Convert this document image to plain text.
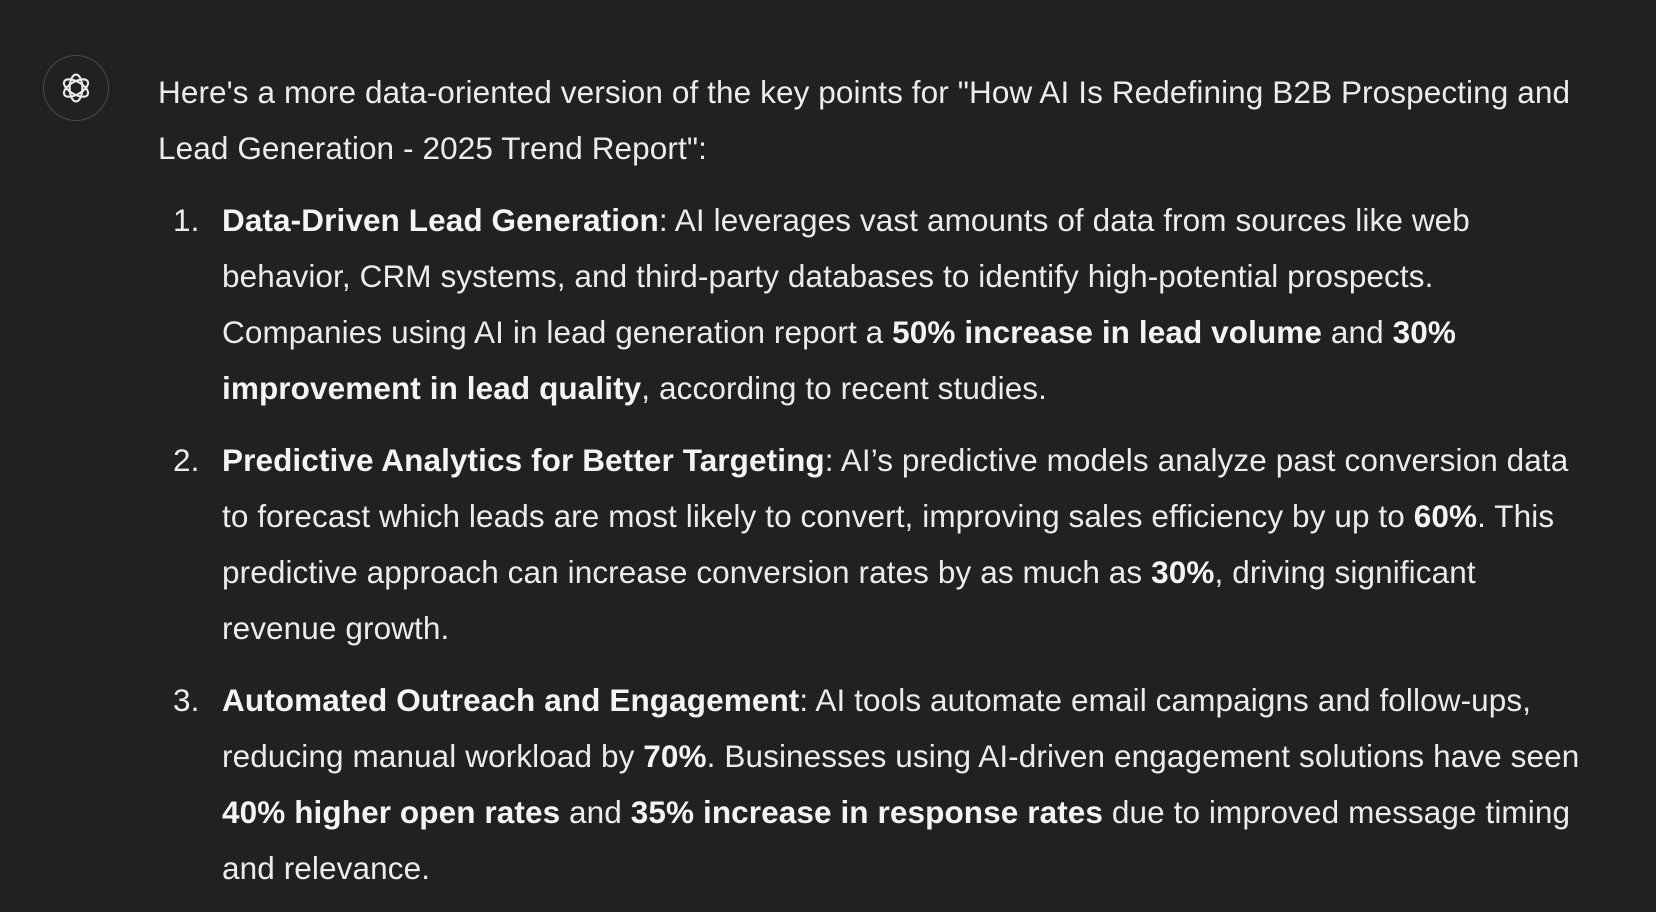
Here's a more data-oriented version of the key points for "How AI Is Redefining B2B Prospecting and Lead Generation - 2025 Trend Report":

1. Data-Driven Lead Generation: AI leverages vast amounts of data from sources like web behavior, CRM systems, and third-party databases to identify high-potential prospects. Companies using AI in lead generation report a 50% increase in lead volume and 30% improvement in lead quality, according to recent studies.
2. Predictive Analytics for Better Targeting: AI’s predictive models analyze past conversion data to forecast which leads are most likely to convert, improving sales efficiency by up to 60%. This predictive approach can increase conversion rates by as much as 30%, driving significant revenue growth.
3. Automated Outreach and Engagement: AI tools automate email campaigns and follow-ups, reducing manual workload by 70%. Businesses using AI-driven engagement solutions have seen 40% higher open rates and 35% increase in response rates due to improved message timing and relevance.
